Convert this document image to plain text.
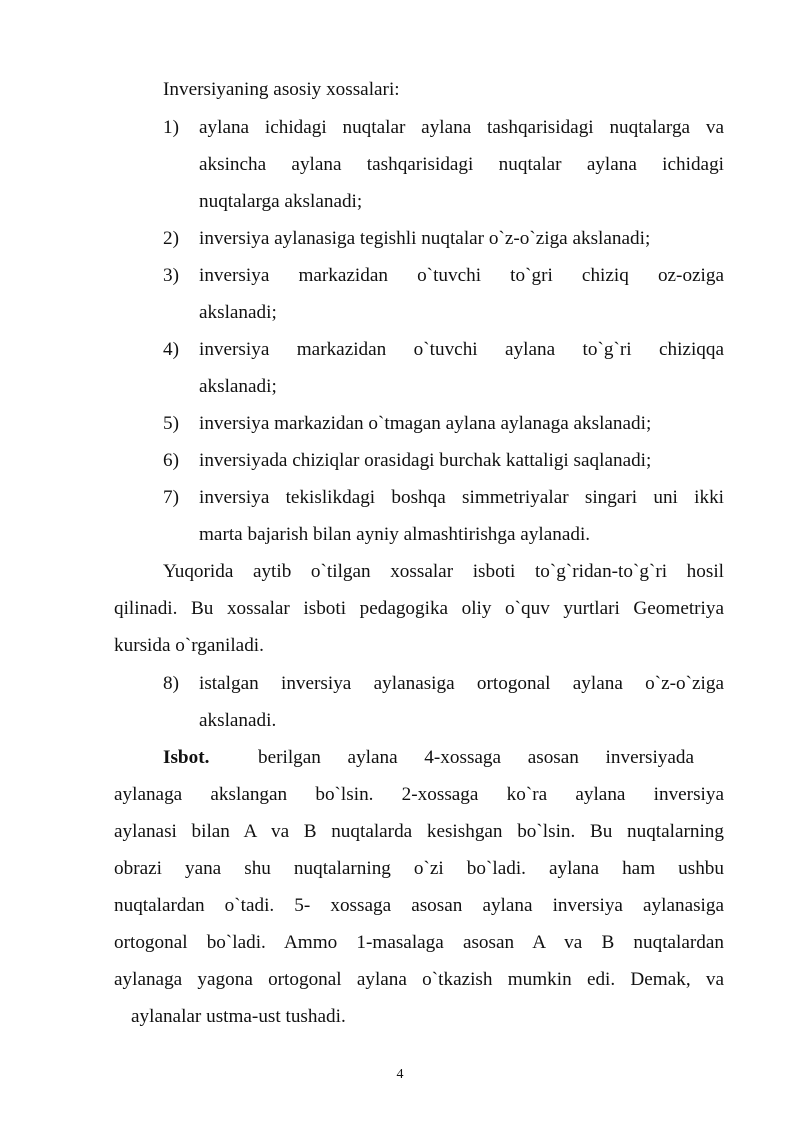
Inversiyaning asosiy xossalari:
1) aylana ichidagi nuqtalar aylana tashqarisidagi nuqtalarga va
aksincha aylana tashqarisidagi nuqtalar aylana ichidagi
nuqtalarga akslanadi;
2) inversiya aylanasiga tegishli nuqtalar o`z-o`ziga akslanadi;
3) inversiya markazidan o`tuvchi to`gri chiziq oz-oziga
akslanadi;
4) inversiya markazidan o`tuvchi aylana to`g`ri chiziqqa
akslanadi;
5) inversiya markazidan o`tmagan aylana aylanaga akslanadi;
6) inversiyada chiziqlar orasidagi burchak kattaligi saqlanadi;
7) inversiya tekislikdagi boshqa simmetriyalar singari uni ikki
marta bajarish bilan ayniy almashtirishga aylanadi.
Yuqorida aytib o`tilgan xossalar isboti to`g`ridan-to`g`ri hosil
qilinadi. Bu xossalar isboti pedagogika oliy o`quv yurtlari Geometriya
kursida o`rganiladi.
8) istalgan inversiya aylanasiga ortogonal aylana o`z-o`ziga
akslanadi.
Isbot.	berilgan aylana 4-xossaga asosan inversiyada
aylanaga akslangan bo`lsin. 2-xossaga ko`ra aylana inversiya
aylanasi bilan A va B nuqtalarda kesishgan bo`lsin. Bu nuqtalarning
obrazi yana shu nuqtalarning o`zi bo`ladi. aylana ham ushbu
nuqtalardan o`tadi. 5- xossaga asosan aylana inversiya aylanasiga
ortogonal bo`ladi. Ammo 1-masalaga asosan A va B nuqtalardan
aylanaga yagona ortogonal aylana o`tkazish mumkin edi. Demak, va
aylanalar ustma-ust tushadi.
4
